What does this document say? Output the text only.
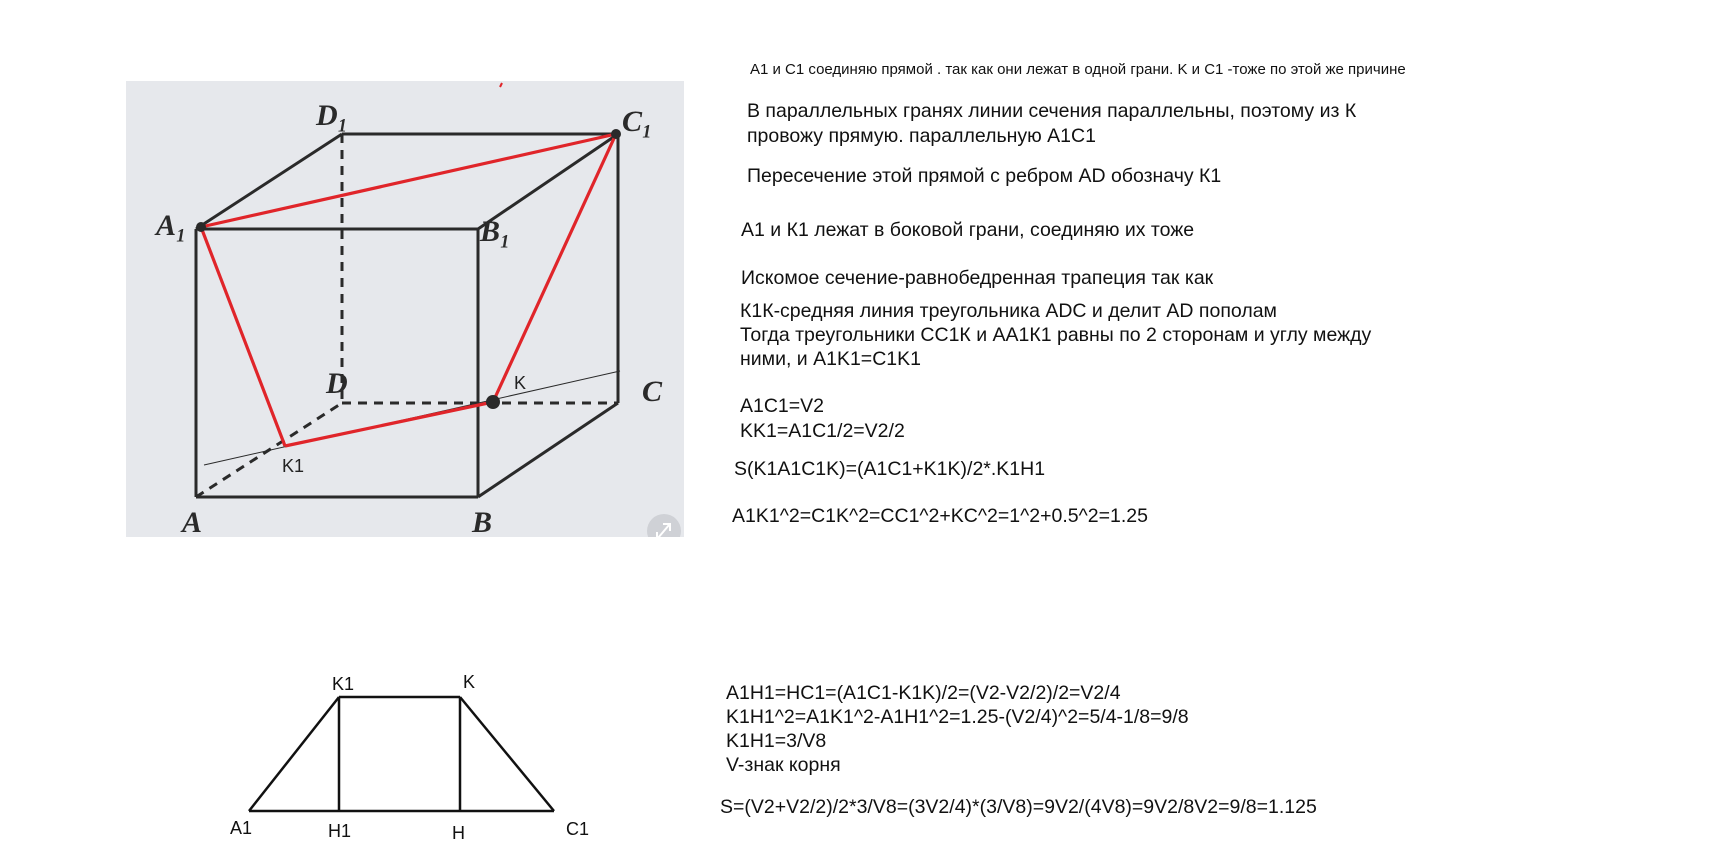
D₁	C₁
A₁	B₁
D	C
A	B
K
K1
A1 и C1 соединяю прямой . так как они лежат в одной грани. K и C1 -тоже по этой же причине
В параллельных гранях линии сечения параллельны, поэтому из К
провожу прямую. параллельную A1C1
Пересечение этой прямой с ребром AD обозначу К1
A1 и К1 лежат в боковой грани, соединяю их тоже
Искомое сечение-равнобедренная трапеция так как
К1К-средняя линия треугольника ADC и делит AD пополам
Тогда треугольники СС1К и АА1К1 равны по 2 сторонам и углу между
ними, и A1K1=C1K1
A1C1=V2
KK1=A1C1/2=V2/2
S(K1A1C1K)=(A1C1+K1K)/2*.K1H1
A1K1^2=C1K^2=CC1^2+KC^2=1^2+0.5^2=1.25
K1	K
A1	H1	H	C1
A1H1=HC1=(A1C1-K1K)/2=(V2-V2/2)/2=V2/4
K1H1^2=A1K1^2-A1H1^2=1.25-(V2/4)^2=5/4-1/8=9/8
K1H1=3/V8
V-знак корня
S=(V2+V2/2)/2*3/V8=(3V2/4)*(3/V8)=9V2/(4V8)=9V2/8V2=9/8=1.125
